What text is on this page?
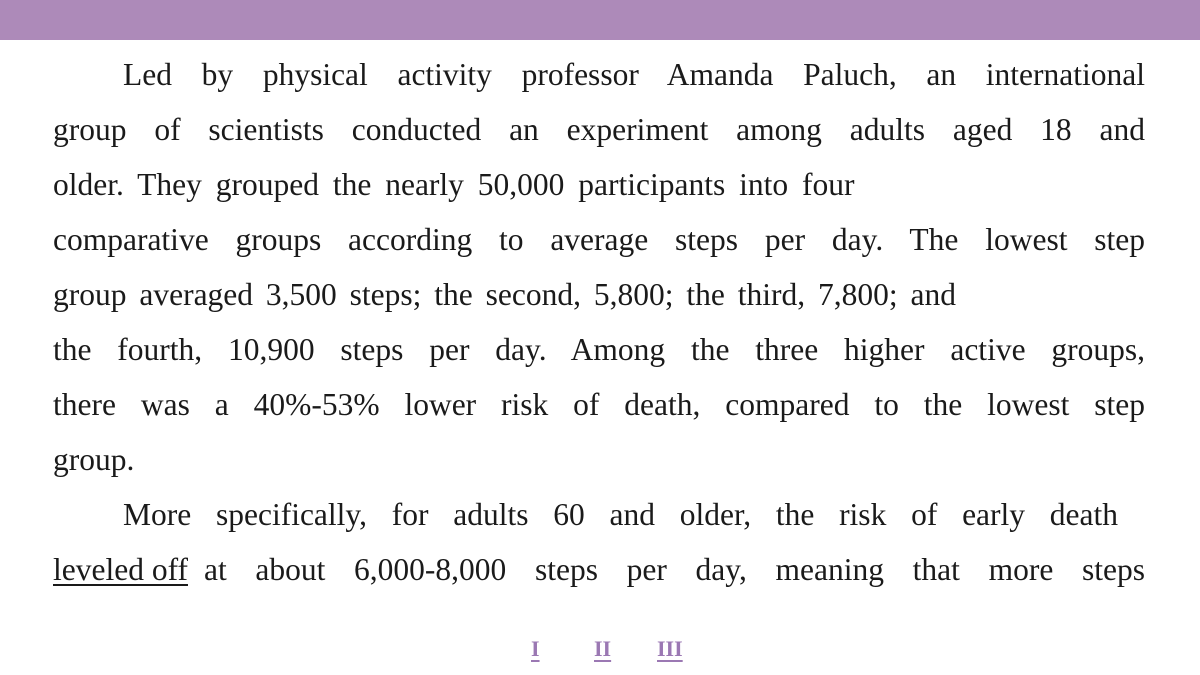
Led by physical activity professor Amanda Paluch, an international
group of scientists conducted an experiment among adults aged 18 and
older. They grouped the nearly 50,000 participants into four
comparative groups according to average steps per day. The lowest step
group averaged 3,500 steps; the second, 5,800; the third, 7,800; and
the fourth, 10,900 steps per day. Among the three higher active groups,
there was a 40%-53% lower risk of death, compared to the lowest step
group.
More specifically, for adults 60 and older, the risk of early death
leveled off at about 6,000-8,000 steps per day, meaning that more steps
I II III
